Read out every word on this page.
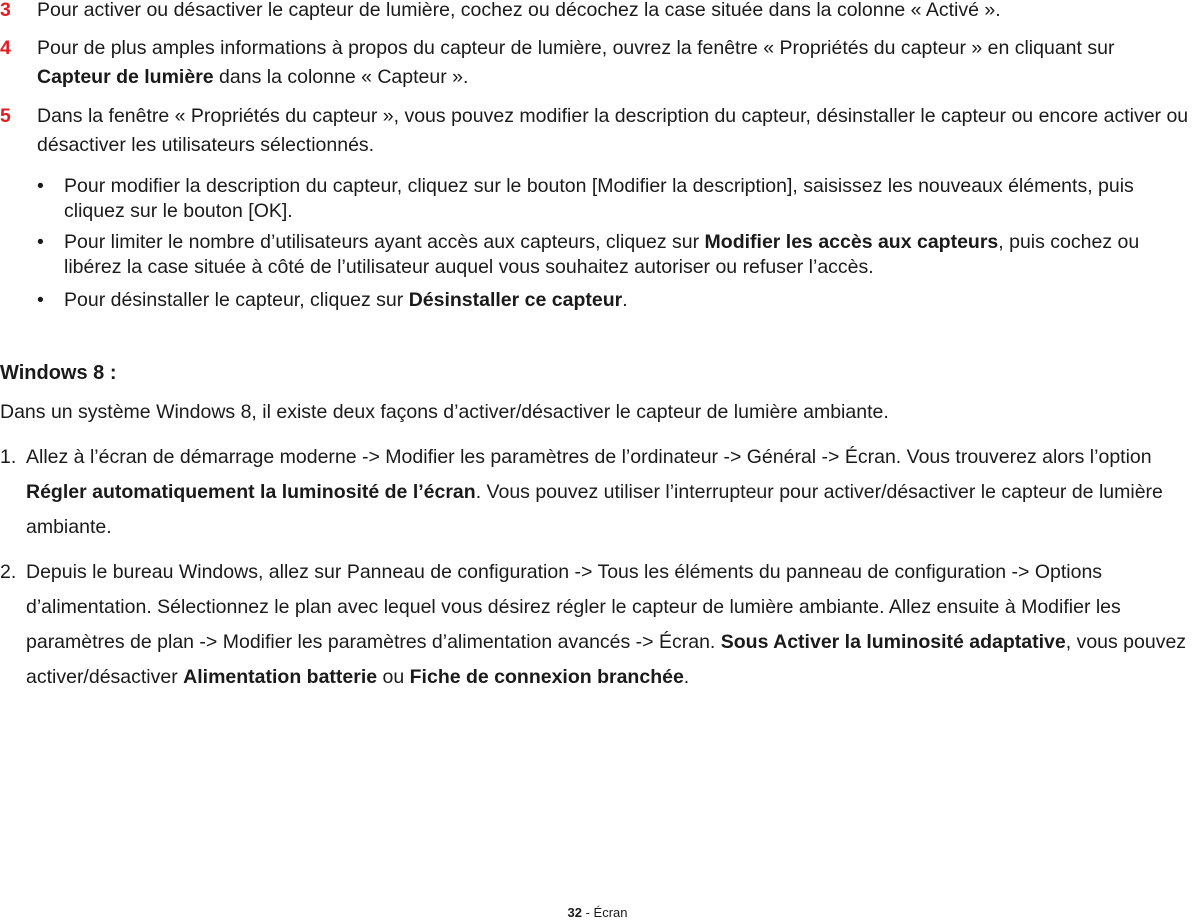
3	Pour activer ou désactiver le capteur de lumière, cochez ou décochez la case située dans la colonne « Activé ».
4	Pour de plus amples informations à propos du capteur de lumière, ouvrez la fenêtre « Propriétés du capteur » en cliquant sur Capteur de lumière dans la colonne « Capteur ».
5	Dans la fenêtre « Propriétés du capteur », vous pouvez modifier la description du capteur, désinstaller le capteur ou encore activer ou désactiver les utilisateurs sélectionnés.
• Pour modifier la description du capteur, cliquez sur le bouton [Modifier la description], saisissez les nouveaux éléments, puis cliquez sur le bouton [OK].
• Pour limiter le nombre d’utilisateurs ayant accès aux capteurs, cliquez sur Modifier les accès aux capteurs, puis cochez ou libérez la case située à côté de l’utilisateur auquel vous souhaitez autoriser ou refuser l’accès.
• Pour désinstaller le capteur, cliquez sur Désinstaller ce capteur.
Windows 8 :
Dans un système Windows 8, il existe deux façons d’activer/désactiver le capteur de lumière ambiante.
1. Allez à l’écran de démarrage moderne -> Modifier les paramètres de l’ordinateur -> Général -> Écran. Vous trouverez alors l’option Régler automatiquement la luminosité de l’écran. Vous pouvez utiliser l’interrupteur pour activer/désactiver le capteur de lumière ambiante.
2. Depuis le bureau Windows, allez sur Panneau de configuration -> Tous les éléments du panneau de configuration -> Options d’alimentation. Sélectionnez le plan avec lequel vous désirez régler le capteur de lumière ambiante. Allez ensuite à Modifier les paramètres de plan -> Modifier les paramètres d’alimentation avancés -> Écran. Sous Activer la luminosité adaptative, vous pouvez activer/désactiver Alimentation batterie ou Fiche de connexion branchée.
32 - Écran
